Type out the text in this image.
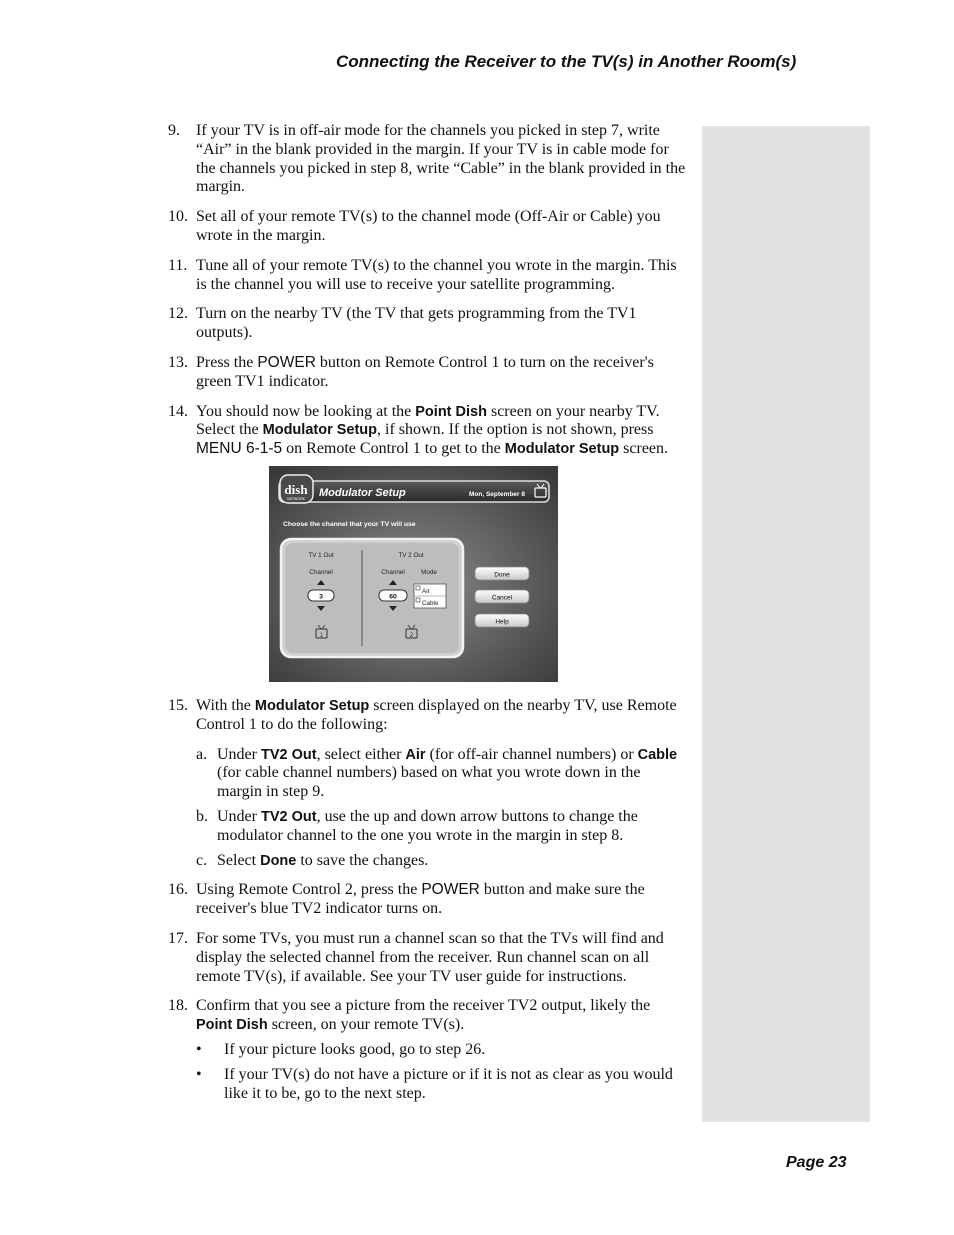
Connecting the Receiver to the TV(s) in Another Room(s)
9. If your TV is in off-air mode for the channels you picked in step 7, write “Air” in the blank provided in the margin. If your TV is in cable mode for the channels you picked in step 8, write “Cable” in the blank provided in the margin.
10. Set all of your remote TV(s) to the channel mode (Off-Air or Cable) you wrote in the margin.
11. Tune all of your remote TV(s) to the channel you wrote in the margin. This is the channel you will use to receive your satellite programming.
12. Turn on the nearby TV (the TV that gets programming from the TV1 outputs).
13. Press the POWER button on Remote Control 1 to turn on the receiver's green TV1 indicator.
14. You should now be looking at the Point Dish screen on your nearby TV. Select the Modulator Setup, if shown. If the option is not shown, press MENU 6-1-5 on Remote Control 1 to get to the Modulator Setup screen.
dish
NETWORK Modulator Setup	Mon, September 8
Choose the channel that your TV will use
TV 1 Out
Channel
3
1
TV 2 Out
Channel	Mode
60
Air
Cable
2
Done
Cancel
Help
15. With the Modulator Setup screen displayed on the nearby TV, use Remote Control 1 to do the following:
a. Under TV2 Out, select either Air (for off-air channel numbers) or Cable (for cable channel numbers) based on what you wrote down in the margin in step 9.
b. Under TV2 Out, use the up and down arrow buttons to change the modulator channel to the one you wrote in the margin in step 8.
c. Select Done to save the changes.
16. Using Remote Control 2, press the POWER button and make sure the receiver's blue TV2 indicator turns on.
17. For some TVs, you must run a channel scan so that the TVs will find and display the selected channel from the receiver. Run channel scan on all remote TV(s), if available. See your TV user guide for instructions.
18. Confirm that you see a picture from the receiver TV2 output, likely the Point Dish screen, on your remote TV(s).
• If your picture looks good, go to step 26.
• If your TV(s) do not have a picture or if it is not as clear as you would like it to be, go to the next step.
Page 23
